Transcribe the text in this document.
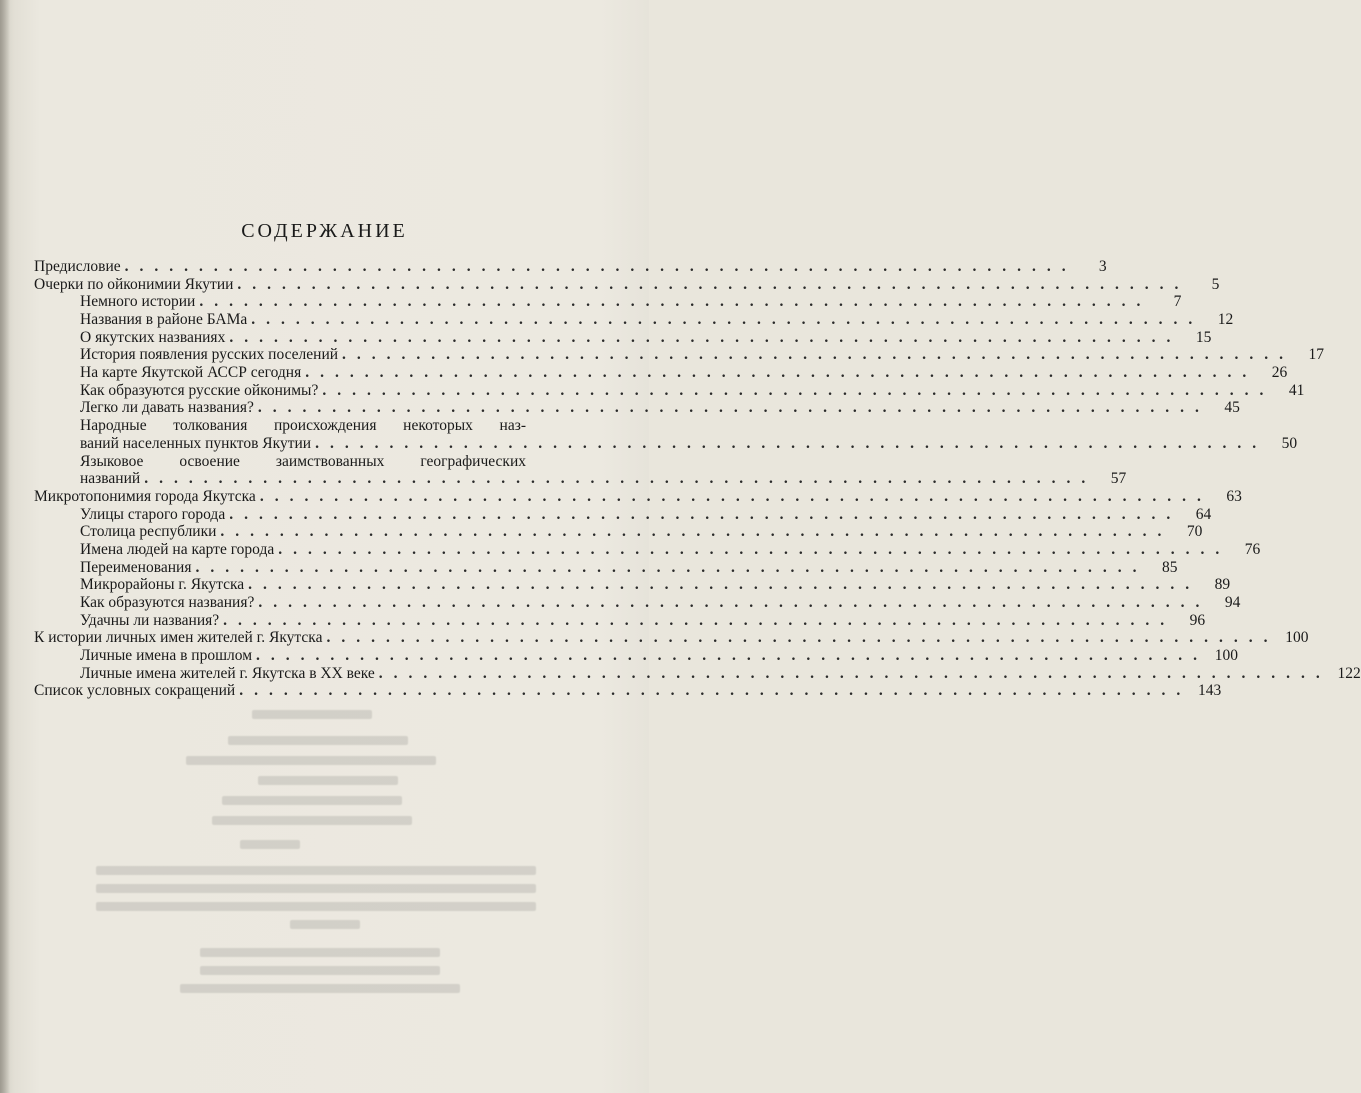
СОДЕРЖАНИЕ
Предисловие ................................................................	3
Очерки по ойконимии Якутии ................................................................	5
Немного истории ................................................................	7
Названия в районе БАМа ................................................................ 12
О якутских названиях ................................................................ 15
История появления русских поселений ................................................................ 17
На карте Якутской АССР сегодня ................................................................ 26
Как образуются русские ойконимы? ................................................................ 41
Легко ли давать названия? ................................................................ 45
Народные толкования происхождения некоторых наз-
ваний населенных пунктов Якутии ................................................................ 50
Языковое освоение заимствованных географических
названий ................................................................ 57
Микротопонимия города Якутска ................................................................ 63
Улицы старого города ................................................................ 64
Столица республики ................................................................ 70
Имена людей на карте города ................................................................ 76
Переименования ................................................................ 85
Микрорайоны г. Якутска ................................................................ 89
Как образуются названия? ................................................................ 94
Удачны ли названия? ................................................................ 96
К истории личных имен жителей г. Якутска ................................................................ 100
Личные имена в прошлом ................................................................ 100
Личные имена жителей г. Якутска в XX веке ................................................................ 122
Список условных сокращений ................................................................ 143
